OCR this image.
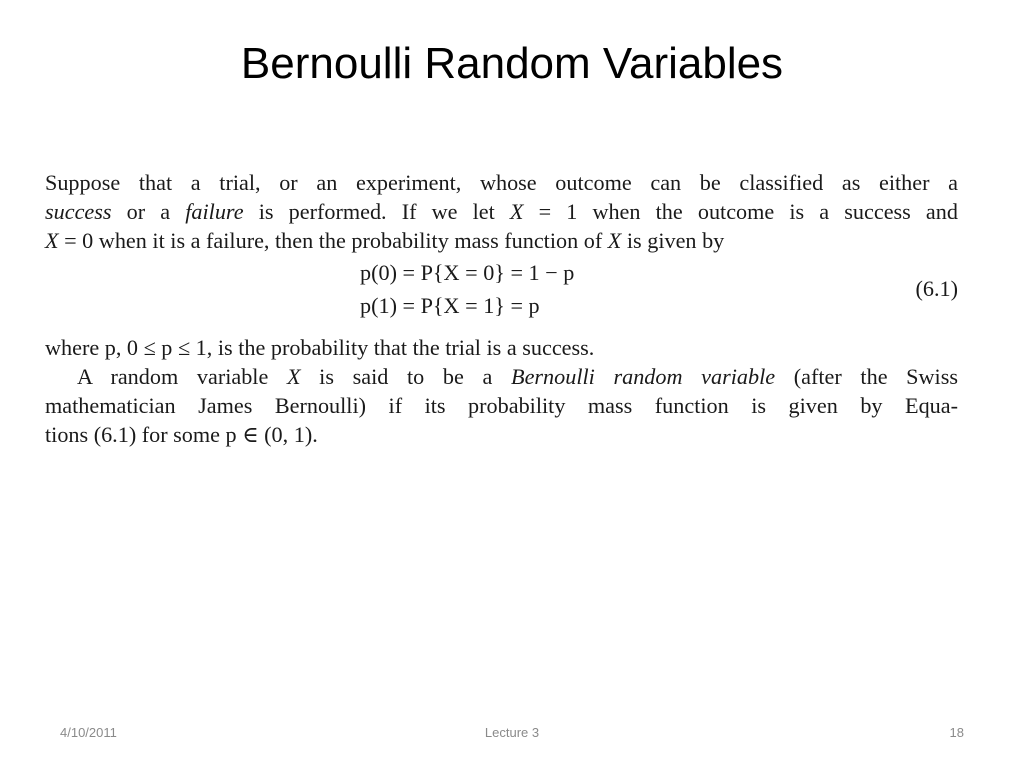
Bernoulli Random Variables

Suppose that a trial, or an experiment, whose outcome can be classified as either a
success or a failure is performed. If we let X = 1 when the outcome is a success and
X = 0 when it is a failure, then the probability mass function of X is given by

p(0) = P{X = 0} = 1 − p
p(1) = P{X = 1} = p
(6.1)

where p, 0 ≤ p ≤ 1, is the probability that the trial is a success.

A random variable X is said to be a Bernoulli random variable (after the Swiss
mathematician James Bernoulli) if its probability mass function is given by Equa-
tions (6.1) for some p ∈ (0, 1).

4/10/2011	Lecture 3	18
